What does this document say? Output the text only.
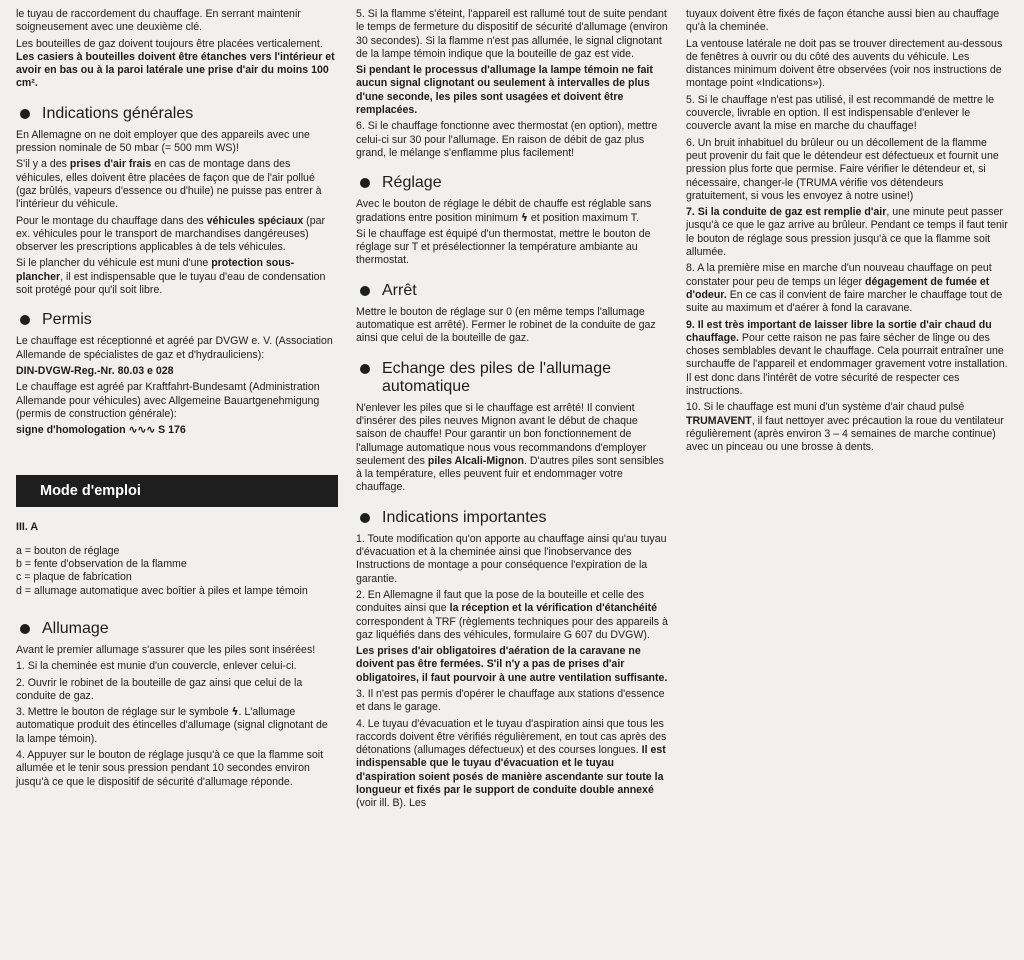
le tuyau de raccordement du chauffage. En serrant maintenir soigneusement avec une deuxième clé.

Les bouteilles de gaz doivent toujours être placées verticalement. Les casiers à bouteilles doivent être étanches vers l'intérieur et avoir en bas ou à la paroi latérale une prise d'air du moins 100 cm².

Indications générales

En Allemagne on ne doit employer que des appareils avec une pression nominale de 50 mbar (= 500 mm WS)!

S'il y a des prises d'air frais en cas de montage dans des véhicules, elles doivent être placées de façon que de l'air pollué (gaz brûlés, vapeurs d'essence ou d'huile) ne puisse pas entrer à l'intérieur du véhicule.

Pour le montage du chauffage dans des véhicules spéciaux (par ex. véhicules pour le transport de marchandises dangéreuses) observer les prescriptions applicables à de tels véhicules.

Si le plancher du véhicule est muni d'une protection sous-plancher, il est indispensable que le tuyau d'eau de condensation soit protégé pour qu'il soit libre.

Permis

Le chauffage est réceptionné et agréé par DVGW e. V. (Association Allemande de spécialistes de gaz et d'hydrauliciens):

DIN-DVGW-Reg.-Nr. 80.03 e 028

Le chauffage est agréé par Kraftfahrt-Bundesamt (Administration Allemande pour véhicules) avec Allgemeine Bauartgenehmigung (permis de construction générale):

signe d'homologation ∿∿∿ S 176

Mode d'emploi

III. A

a = bouton de réglage

b = fente d'observation de la flamme

c = plaque de fabrication

d = allumage automatique avec boîtier à piles et lampe témoin

Allumage

Avant le premier allumage s'assurer que les piles sont insérées!

1. Si la cheminée est munie d'un couvercle, enlever celui-ci.

2. Ouvrir le robinet de la bouteille de gaz ainsi que celui de la conduite de gaz.

3. Mettre le bouton de réglage sur le symbole ϟ. L'allumage automatique produit des étincelles d'allumage (signal clignotant de la lampe témoin).

4. Appuyer sur le bouton de réglage jusqu'à ce que la flamme soit allumée et le tenir sous pression pendant 10 secondes environ jusqu'à ce que le dispositif de sécurité d'allumage réponde.

5. Si la flamme s'éteint, l'appareil est rallumé tout de suite pendant le temps de fermeture du dispositif de sécurité d'allumage (environ 30 secondes). Si la flamme n'est pas allumée, le signal clignotant de la lampe témoin indique que la bouteille de gaz est vide.

Si pendant le processus d'allumage la lampe témoin ne fait aucun signal clignotant ou seulement à intervalles de plus d'une seconde, les piles sont usagées et doivent être remplacées.

6. Si le chauffage fonctionne avec thermostat (en option), mettre celui-ci sur 30 pour l'allumage. En raison de débit de gaz plus grand, le mélange s'enflamme plus facilement!

Réglage

Avec le bouton de réglage le débit de chauffe est réglable sans gradations entre position minimum ϟ et position maximum T.

Si le chauffage est équipé d'un thermostat, mettre le bouton de réglage sur T et présélectionner la température ambiante au thermostat.

Arrêt

Mettre le bouton de réglage sur 0 (en même temps l'allumage automatique est arrêté). Fermer le robinet de la conduite de gaz ainsi que celui de la bouteille de gaz.

Echange des piles de l'allumage automatique

N'enlever les piles que si le chauffage est arrêté! Il convient d'insérer des piles neuves Mignon avant le début de chaque saison de chauffe! Pour garantir un bon fonctionnement de l'allumage automatique nous vous recommandons d'employer seulement des piles Alcali-Mignon. D'autres piles sont sensibles à la température, elles peuvent fuir et endommager votre chauffage.

Indications importantes

1. Toute modification qu'on apporte au chauffage ainsi qu'au tuyau d'évacuation et à la cheminée ainsi que l'inobservance des Instructions de montage a pour conséquence l'expiration de la garantie.

2. En Allemagne il faut que la pose de la bouteille et celle des conduites ainsi que la réception et la vérification d'étanchéité correspondent à TRF (règlements techniques pour des appareils à gaz liquéfiés dans des véhicules, formulaire G 607 du DVGW).

Les prises d'air obligatoires d'aération de la caravane ne doivent pas être fermées. S'il n'y a pas de prises d'air obligatoires, il faut pourvoir à une autre ventilation suffisante.

3. Il n'est pas permis d'opérer le chauffage aux stations d'essence et dans le garage.

4. Le tuyau d'évacuation et le tuyau d'aspiration ainsi que tous les raccords doivent être vérifiés régulièrement, en tout cas après des détonations (allumages défectueux) et des courses longues. Il est indispensable que le tuyau d'évacuation et le tuyau d'aspiration soient posés de manière ascendante sur toute la longueur et fixés par le support de conduite double annexé (voir ill. B). Les

tuyaux doivent être fixés de façon étanche aussi bien au chauffage qu'à la cheminée.

La ventouse latérale ne doit pas se trouver directement au-dessous de fenêtres à ouvrir ou du côté des auvents du véhicule. Les distances minimum doivent être observées (voir nos instructions de montage point «Indications»).

5. Si le chauffage n'est pas utilisé, il est recommandé de mettre le couvercle, livrable en option. Il est indispensable d'enlever le couvercle avant la mise en marche du chauffage!

6. Un bruit inhabituel du brûleur ou un décollement de la flamme peut provenir du fait que le détendeur est défectueux et fournit une pression plus forte que permise. Faire vérifier le détendeur et, si nécessaire, changer-le (TRUMA vérifie vos détendeurs gratuitement, si vous les envoyez à notre usine!)

7. Si la conduite de gaz est remplie d'air, une minute peut passer jusqu'à ce que le gaz arrive au brûleur. Pendant ce temps il faut tenir le bouton de réglage sous pression jusqu'à ce que la flamme soit allumée.

8. A la première mise en marche d'un nouveau chauffage on peut constater pour peu de temps un léger dégagement de fumée et d'odeur. En ce cas il convient de faire marcher le chauffage tout de suite au maximum et d'aérer à fond la caravane.

9. Il est très important de laisser libre la sortie d'air chaud du chauffage. Pour cette raison ne pas faire sécher de linge ou des choses semblables devant le chauffage. Cela pourrait entraîner une surchauffe de l'appareil et endommager gravement votre installation. Il est donc dans l'intérêt de votre sécurité de respecter ces instructions.

10. Si le chauffage est muni d'un système d'air chaud pulsé TRUMAVENT, il faut nettoyer avec précaution la roue du ventilateur régulièrement (après environ 3 – 4 semaines de marche continue) avec un pinceau ou une brosse à dents.
